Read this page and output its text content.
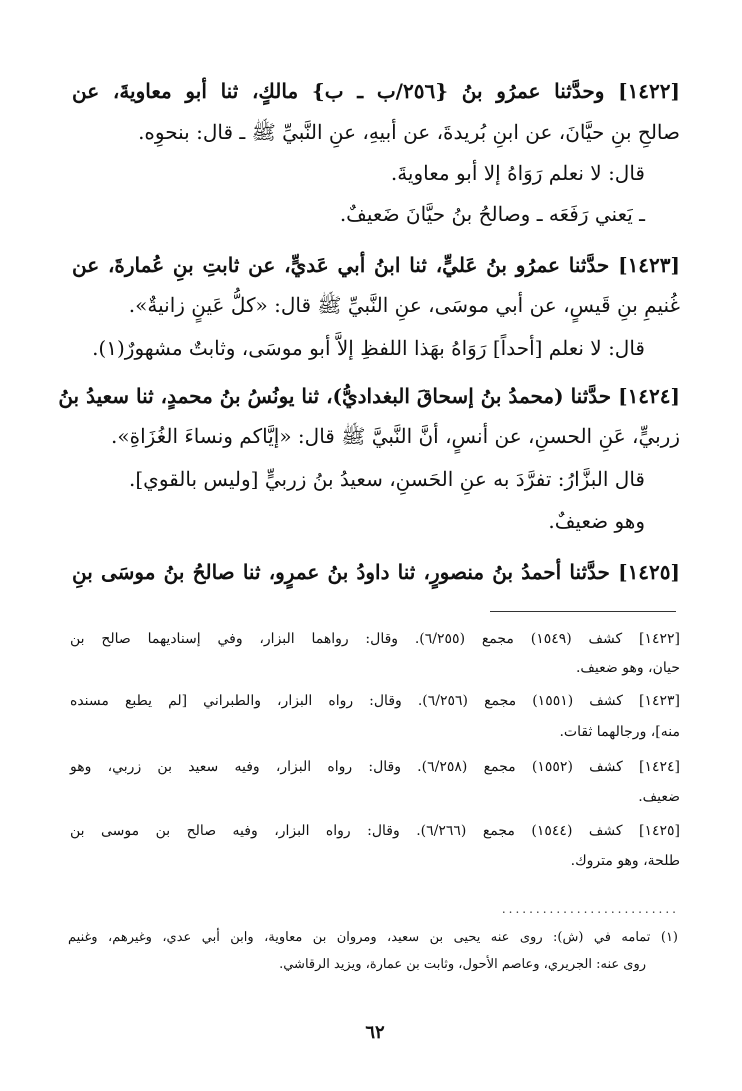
[١٤٢٢] وحدَّثنا عمرُو بنُ {٢٥٦/ب ـ ب} مالكٍ، ثنا أبو معاويةَ، عن
صالحِ بنِ حيَّانَ، عن ابنِ بُريدةَ، عن أبيهِ، عنِ النَّبيِّ ﷺ ـ قال: بنحوِه.
قال: لا نعلم رَوَاهُ إلا أبو معاويةَ.
ـ يَعني رَفَعَه ـ وصالحُ بنُ حيَّانَ ضَعيفٌ.
[١٤٢٣] حدَّثنا عمرُو بنُ عَليٍّ، ثنا ابنُ أبي عَديٍّ، عن ثابتِ بنِ عُمارةَ، عن
غُنيمِ بنِ قَيسٍ، عن أبي موسَى، عنِ النَّبيِّ ﷺ قال: «كلُّ عَينٍ زانيةٌ».
قال: لا نعلم [أحداً] رَوَاهُ بهَذا اللفظِ إلاَّ أبو موسَى، وثابتٌ مشهورٌ(١).
[١٤٢٤] حدَّثنا (محمدُ بنُ إسحاقَ البغداديُّ)، ثنا يونُسُ بنُ محمدٍ، ثنا سعيدُ بنُ
زربيٍّ، عَنِ الحسنِ، عن أنسٍ، أنَّ النَّبيَّ ﷺ قال: «إيَّاكم ونساءَ الغُزَاةِ».
قال البزَّارُ: تفرَّدَ به عنِ الحَسنِ، سعيدُ بنُ زربيٍّ [وليس بالقوي].
وهو ضعيفٌ.
[١٤٢٥] حدَّثنا أحمدُ بنُ منصورٍ، ثنا داودُ بنُ عمرٍو، ثنا صالحُ بنُ موسَى بنِ
[١٤٢٢] كشف (١٥٤٩) مجمع (٦/٢٥٥). وقال: رواهما البزار، وفي إسناديهما صالح بن
حيان، وهو ضعيف.
[١٤٢٣] كشف (١٥٥١) مجمع (٦/٢٥٦). وقال: رواه البزار، والطبراني [لم يطبع مسنده
منه]، ورجالهما ثقات.
[١٤٢٤] كشف (١٥٥٢) مجمع (٦/٢٥٨). وقال: رواه البزار، وفيه سعيد بن زربي، وهو
ضعيف.
[١٤٢٥] كشف (١٥٤٤) مجمع (٦/٢٦٦). وقال: رواه البزار، وفيه صالح بن موسى بن
طلحة، وهو متروك.
..........................
(١) تمامه في (ش): روى عنه يحيى بن سعيد، ومروان بن معاوية، وابن أبي عدي، وغيرهم، وغنيم
روى عنه: الجريري، وعاصم الأحول، وثابت بن عمارة، ويزيد الرقاشي.
٦٢
